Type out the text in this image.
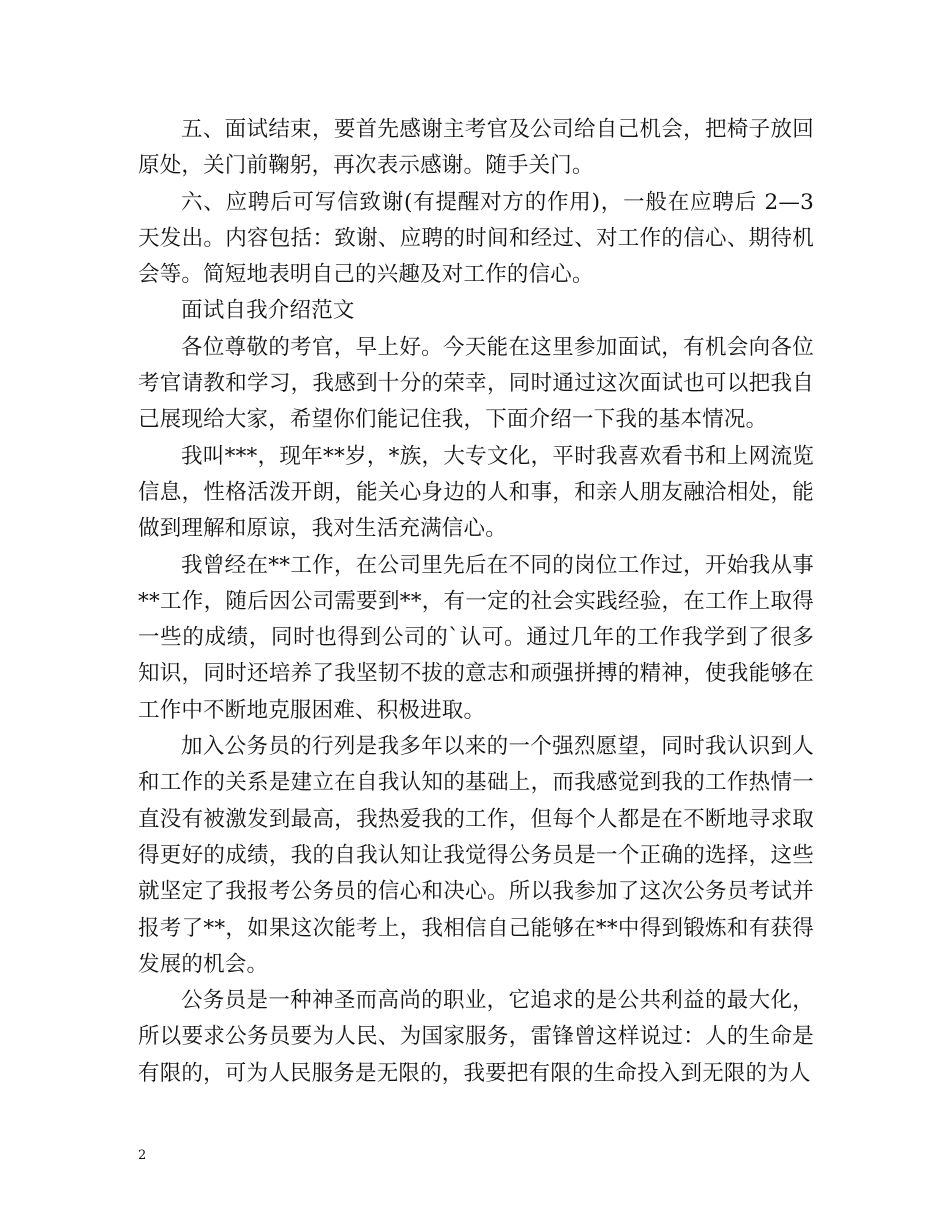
五、面试结束，要首先感谢主考官及公司给自己机会，把椅子放回原处，关门前鞠躬，再次表示感谢。随手关门。

六、应聘后可写信致谢(有提醒对方的作用)，一般在应聘后 2—3 天发出。内容包括：致谢、应聘的时间和经过、对工作的信心、期待机会等。简短地表明自己的兴趣及对工作的信心。

面试自我介绍范文

各位尊敬的考官，早上好。今天能在这里参加面试，有机会向各位考官请教和学习，我感到十分的荣幸，同时通过这次面试也可以把我自己展现给大家，希望你们能记住我，下面介绍一下我的基本情况。

我叫***，现年**岁，*族，大专文化，平时我喜欢看书和上网流览信息，性格活泼开朗，能关心身边的人和事，和亲人朋友融洽相处，能做到理解和原谅，我对生活充满信心。

我曾经在**工作，在公司里先后在不同的岗位工作过，开始我从事**工作，随后因公司需要到**，有一定的社会实践经验，在工作上取得一些的成绩，同时也得到公司的`认可。通过几年的工作我学到了很多知识，同时还培养了我坚韧不拔的意志和顽强拼搏的精神，使我能够在工作中不断地克服困难、积极进取。

加入公务员的行列是我多年以来的一个强烈愿望，同时我认识到人和工作的关系是建立在自我认知的基础上，而我感觉到我的工作热情一直没有被激发到最高，我热爱我的工作，但每个人都是在不断地寻求取得更好的成绩，我的自我认知让我觉得公务员是一个正确的选择，这些就坚定了我报考公务员的信心和决心。所以我参加了这次公务员考试并报考了**，如果这次能考上，我相信自己能够在**中得到锻炼和有获得发展的机会。

公务员是一种神圣而高尚的职业，它追求的是公共利益的最大化，所以要求公务员要为人民、为国家服务，雷锋曾这样说过：人的生命是有限的，可为人民服务是无限的，我要把有限的生命投入到无限的为人

2
